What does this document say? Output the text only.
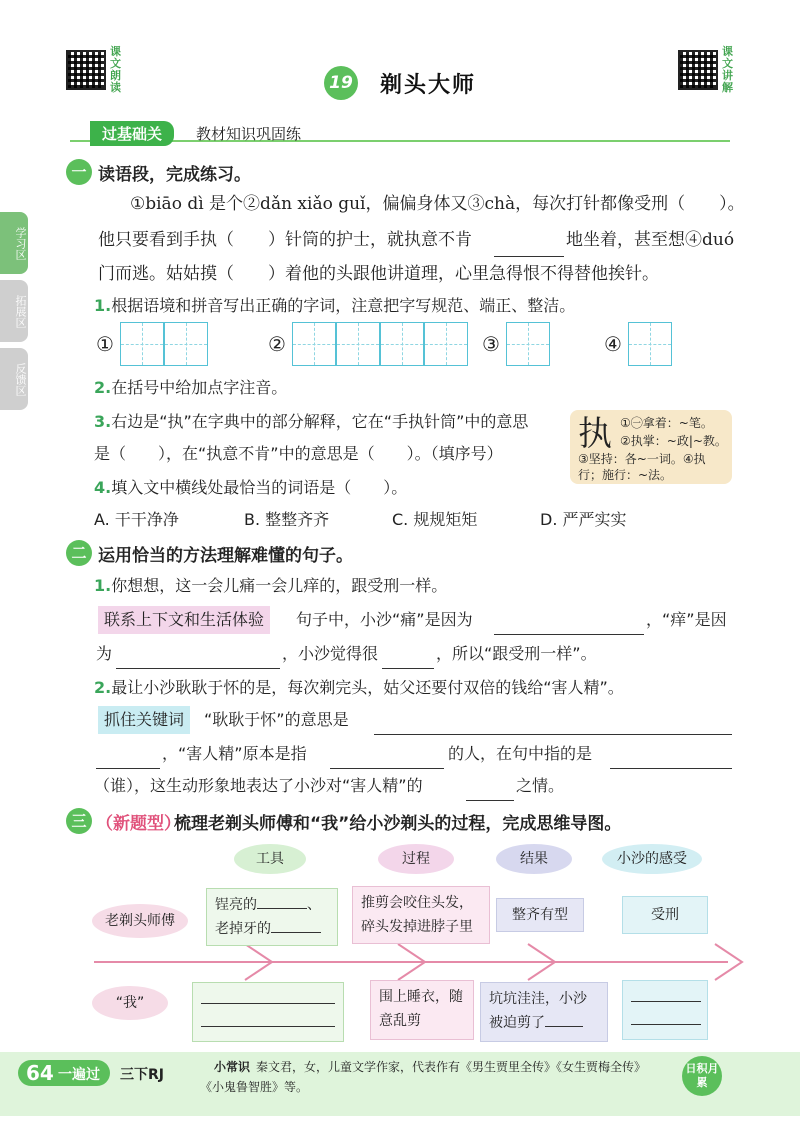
课文朗读
课文讲解
19 剃头大师
过基础关	教材知识巩固练
学习区
拓展区
反馈区
一 读语段，完成练习。
①biāo dì 是个②dǎn xiǎo guǐ，偏偏身体又③chà，每次打针都像受刑（　　）。
他只要看到手执（　　）针筒的护士，就执意不肯	地坐着，甚至想④duó
门而逃。姑姑摸（　　）着他的头跟他讲道理，心里急得恨不得替他挨针。
1.根据语境和拼音写出正确的字词，注意把字写规范、端正、整洁。
①	②	③	④
2.在括号中给加点字注音。
3.右边是“执”在字典中的部分解释，它在“手执针筒”中的意思
是（　　），在“执意不肯”中的意思是（　　）。（填序号） 执 ①㊀拿着：~笔。
②执掌：~政|~教。
③坚持：各~一词。④执
行；施行：~法。
4.填入文中横线处最恰当的词语是（　　）。
A. 干干净净	B. 整整齐齐	C. 规规矩矩	D. 严严实实
二 运用恰当的方法理解难懂的句子。
1.你想想，这一会儿痛一会儿痒的，跟受刑一样。
联系上下文和生活体验	句子中，小沙“痛”是因为	，“痒”是因
为	，小沙觉得很	，所以“跟受刑一样”。
2.最让小沙耿耿于怀的是，每次剃完头，姑父还要付双倍的钱给“害人精”。
抓住关键词	“耿耿于怀”的意思是
，“害人精”原本是指	的人，在句中指的是
（谁），这生动形象地表达了小沙对“害人精”的	之情。
三 （新题型）
梳理老剃头师傅和“我”给小沙剃头的过程，完成思维导图。
工具	过程	结果	小沙的感受
老剃头师傅
锃亮的	、
老掉牙的
推剪会咬住头发，碎头发掉进脖子里
整齐有型	受刑
“我”	围上睡衣，随意乱剪
坑坑洼洼，小沙
被迫剪了
64 一遍过 三下RJ	小常识 秦文君，女，儿童文学作家，代表作有《男生贾里全传》《女生贾梅全传》
《小鬼鲁智胜》等。
日积月累
